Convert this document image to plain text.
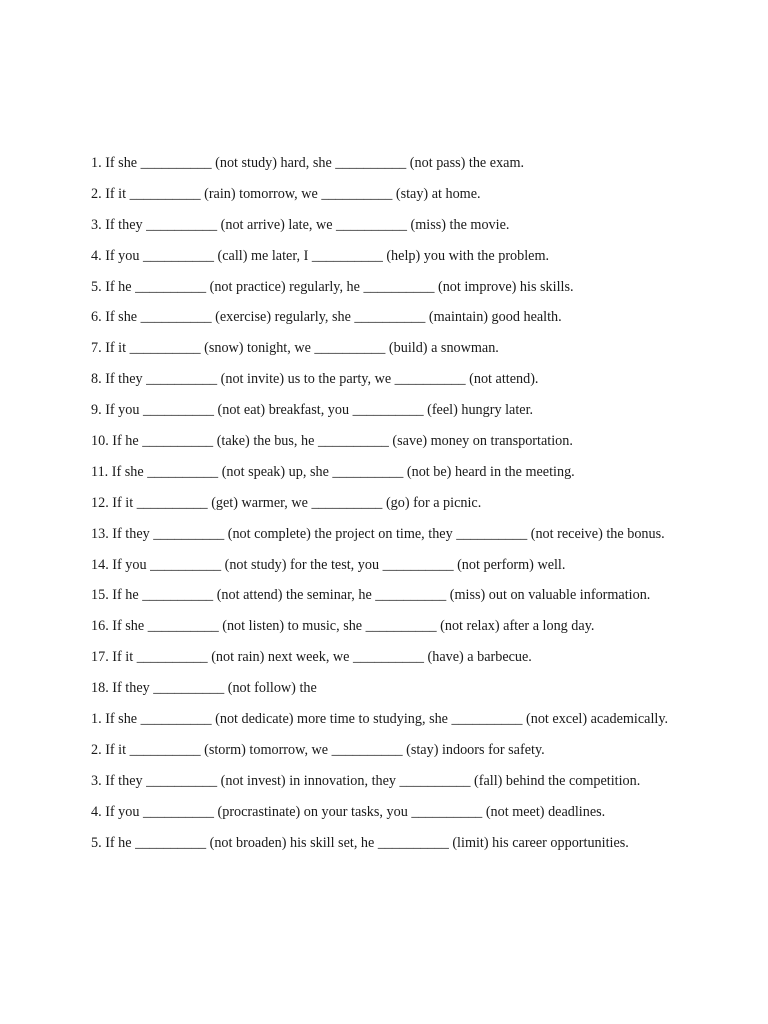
1. If she __________ (not study) hard, she __________ (not pass) the exam.
2. If it __________ (rain) tomorrow, we __________ (stay) at home.
3. If they __________ (not arrive) late, we __________ (miss) the movie.
4. If you __________ (call) me later, I __________ (help) you with the problem.
5. If he __________ (not practice) regularly, he __________ (not improve) his skills.
6. If she __________ (exercise) regularly, she __________ (maintain) good health.
7. If it __________ (snow) tonight, we __________ (build) a snowman.
8. If they __________ (not invite) us to the party, we __________ (not attend).
9. If you __________ (not eat) breakfast, you __________ (feel) hungry later.
10. If he __________ (take) the bus, he __________ (save) money on transportation.
11. If she __________ (not speak) up, she __________ (not be) heard in the meeting.
12. If it __________ (get) warmer, we __________ (go) for a picnic.
13. If they __________ (not complete) the project on time, they __________ (not receive) the bonus.
14. If you __________ (not study) for the test, you __________ (not perform) well.
15. If he __________ (not attend) the seminar, he __________ (miss) out on valuable information.
16. If she __________ (not listen) to music, she __________ (not relax) after a long day.
17. If it __________ (not rain) next week, we __________ (have) a barbecue.
18. If they __________ (not follow) the
1. If she __________ (not dedicate) more time to studying, she __________ (not excel) academically.
2. If it __________ (storm) tomorrow, we __________ (stay) indoors for safety.
3. If they __________ (not invest) in innovation, they __________ (fall) behind the competition.
4. If you __________ (procrastinate) on your tasks, you __________ (not meet) deadlines.
5. If he __________ (not broaden) his skill set, he __________ (limit) his career opportunities.
